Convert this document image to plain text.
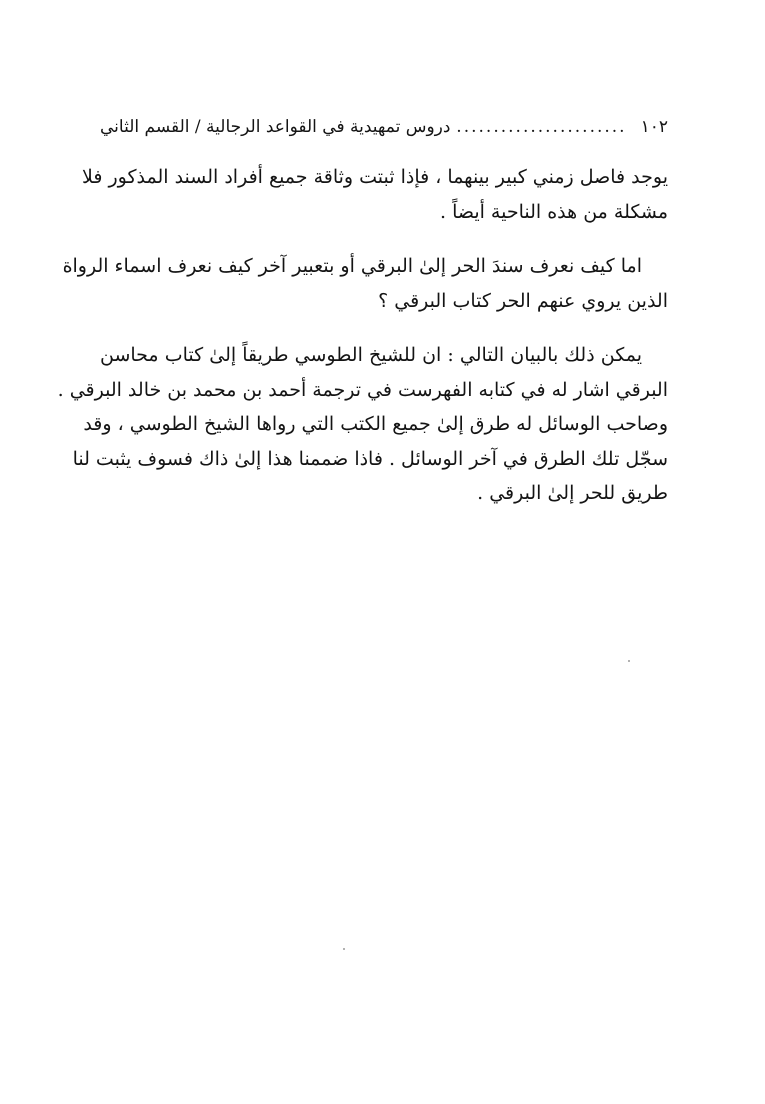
١٠٢
.....
دروس تمهيدية في القواعد الرجالية / القسم الثاني

يوجد فاصل زمني كبير بينهما ، فإذا ثبتت وثاقة جميع أفراد السند المذكور فلا
مشكلة من هذه الناحية أيضاً .

اما كيف نعرف سندَ الحر إلىٰ البرقي أو بتعبير آخر كيف نعرف اسماء الرواة
الذين يروي عنهم الحر كتاب البرقي ؟

يمكن ذلك بالبيان التالي : ان للشيخ الطوسي طريقاً إلىٰ كتاب محاسن
البرقي اشار له في كتابه الفهرست في ترجمة أحمد بن محمد بن خالد البرقي .
وصاحب الوسائل له طرق إلىٰ جميع الكتب التي رواها الشيخ الطوسي ، وقد
سجّل تلك الطرق في آخر الوسائل . فاذا ضممنا هذا إلىٰ ذاك فسوف يثبت لنا
طريق للحر إلىٰ البرقي .
